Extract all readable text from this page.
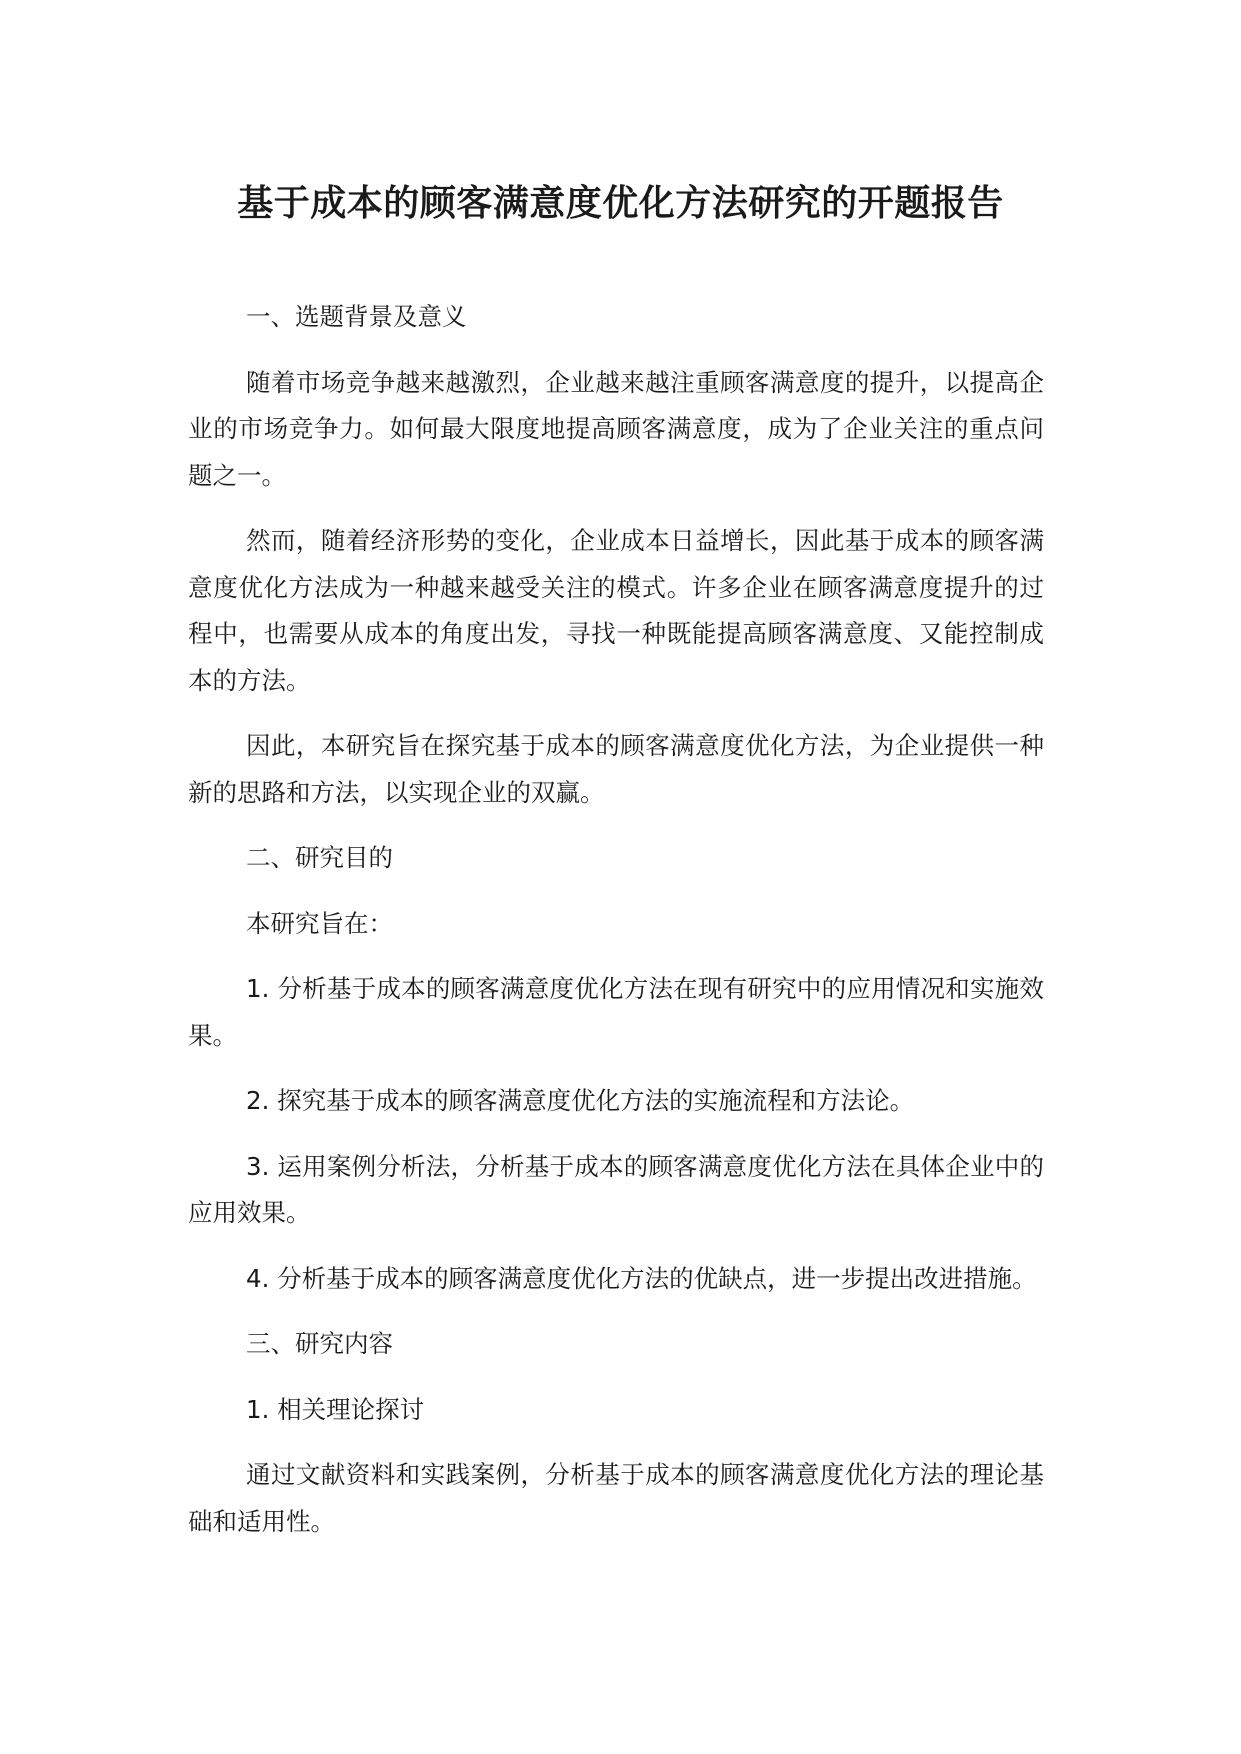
基于成本的顾客满意度优化方法研究的开题报告

一、选题背景及意义

随着市场竞争越来越激烈，企业越来越注重顾客满意度的提升，以提高企业的市场竞争力。如何最大限度地提高顾客满意度，成为了企业关注的重点问题之一。

然而，随着经济形势的变化，企业成本日益增长，因此基于成本的顾客满意度优化方法成为一种越来越受关注的模式。许多企业在顾客满意度提升的过程中，也需要从成本的角度出发，寻找一种既能提高顾客满意度、又能控制成本的方法。

因此，本研究旨在探究基于成本的顾客满意度优化方法，为企业提供一种新的思路和方法，以实现企业的双赢。

二、研究目的

本研究旨在：

1. 分析基于成本的顾客满意度优化方法在现有研究中的应用情况和实施效果。

2. 探究基于成本的顾客满意度优化方法的实施流程和方法论。

3. 运用案例分析法，分析基于成本的顾客满意度优化方法在具体企业中的应用效果。

4. 分析基于成本的顾客满意度优化方法的优缺点，进一步提出改进措施。

三、研究内容

1. 相关理论探讨

通过文献资料和实践案例，分析基于成本的顾客满意度优化方法的理论基础和适用性。
